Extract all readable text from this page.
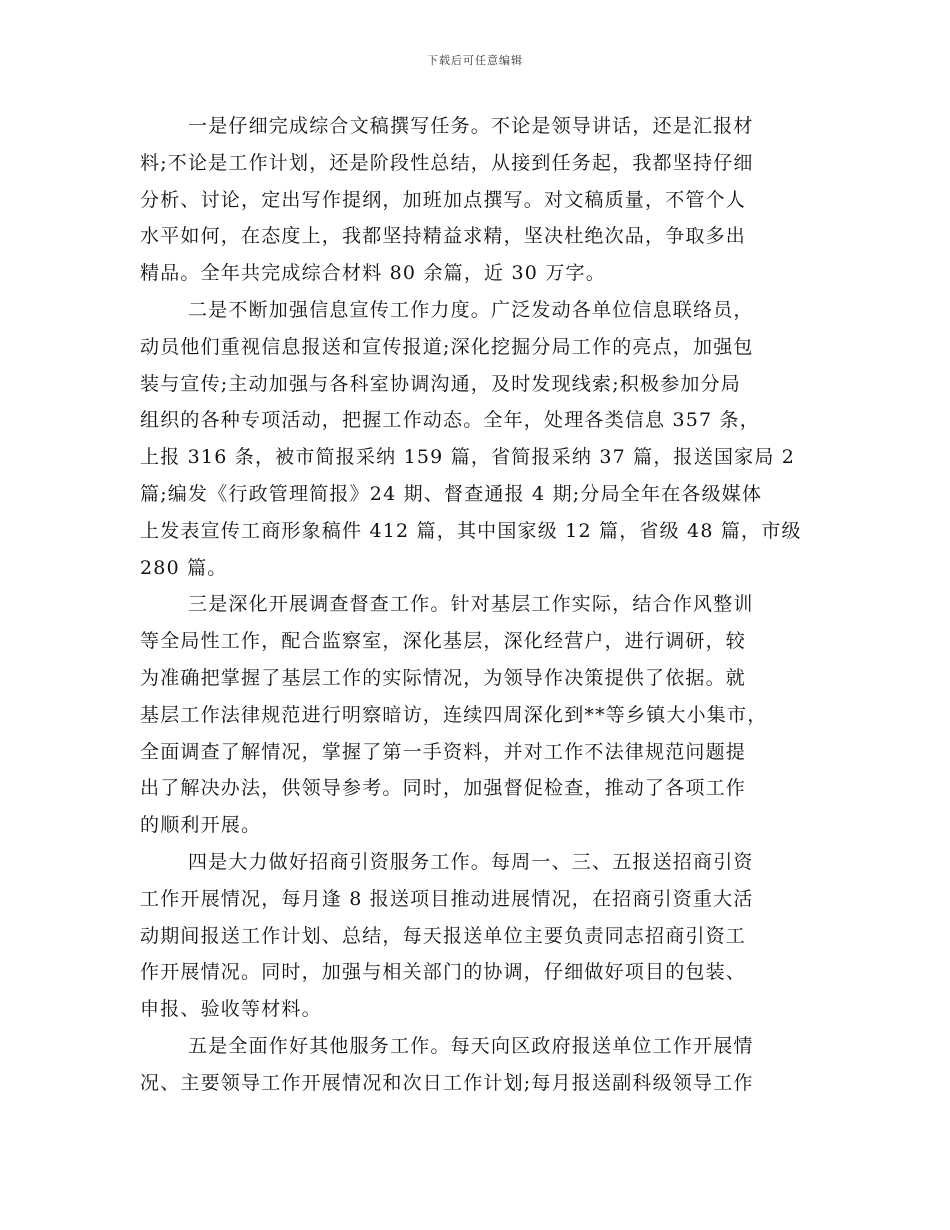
下载后可任意编辑
一是仔细完成综合文稿撰写任务。不论是领导讲话，还是汇报材
料;不论是工作计划，还是阶段性总结，从接到任务起，我都坚持仔细
分析、讨论，定出写作提纲，加班加点撰写。对文稿质量，不管个人
水平如何，在态度上，我都坚持精益求精，坚决杜绝次品，争取多出
精品。全年共完成综合材料 80 余篇，近 30 万字。
二是不断加强信息宣传工作力度。广泛发动各单位信息联络员，
动员他们重视信息报送和宣传报道;深化挖掘分局工作的亮点，加强包
装与宣传;主动加强与各科室协调沟通，及时发现线索;积极参加分局
组织的各种专项活动，把握工作动态。全年，处理各类信息 357 条，
上报 316 条，被市简报采纳 159 篇，省简报采纳 37 篇，报送国家局 2
篇;编发《行政管理简报》24 期、督查通报 4 期;分局全年在各级媒体
上发表宣传工商形象稿件 412 篇，其中国家级 12 篇，省级 48 篇，市级
280 篇。
三是深化开展调查督查工作。针对基层工作实际，结合作风整训
等全局性工作，配合监察室，深化基层，深化经营户，进行调研，较
为准确把掌握了基层工作的实际情况，为领导作决策提供了依据。就
基层工作法律规范进行明察暗访，连续四周深化到**等乡镇大小集市，
全面调查了解情况，掌握了第一手资料，并对工作不法律规范问题提
出了解决办法，供领导参考。同时，加强督促检查，推动了各项工作
的顺利开展。
四是大力做好招商引资服务工作。每周一、三、五报送招商引资
工作开展情况，每月逢 8 报送项目推动进展情况，在招商引资重大活
动期间报送工作计划、总结，每天报送单位主要负责同志招商引资工
作开展情况。同时，加强与相关部门的协调，仔细做好项目的包装、
申报、验收等材料。
五是全面作好其他服务工作。每天向区政府报送单位工作开展情
况、主要领导工作开展情况和次日工作计划;每月报送副科级领导工作
